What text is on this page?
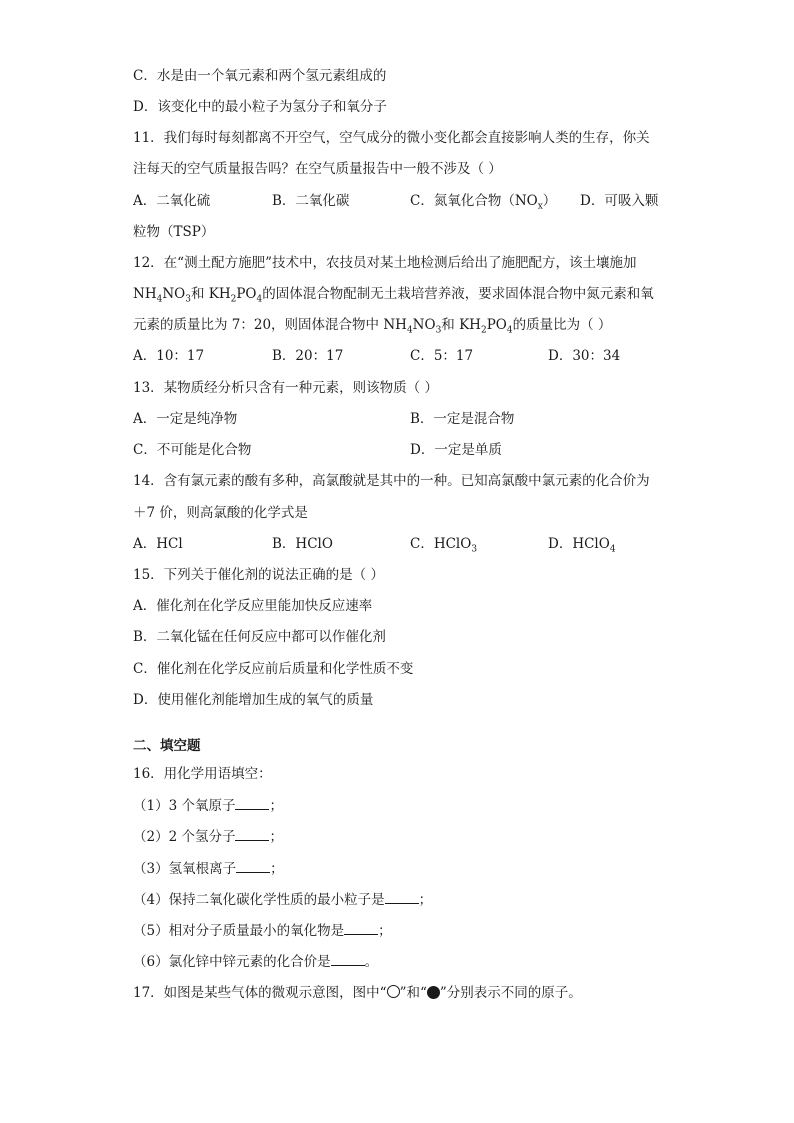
C．水是由一个氧元素和两个氢元素组成的
D．该变化中的最小粒子为氢分子和氧分子
11．我们每时每刻都离不开空气，空气成分的微小变化都会直接影响人类的生存，你关
注每天的空气质量报告吗？在空气质量报告中一般不涉及（ ）
A．二氧化硫	B．二氧化碳	C．氮氧化合物$(NO_x)$ D．可吸入颗
粒物（TSP）
12．在“测土配方施肥”技术中，农技员对某土地检测后给出了施肥配方，该土壤施加
$NH_4NO_3$和 $KH_2PO_4$的固体混合物配制无土栽培营养液，要求固体混合物中氮元素和氧
元素的质量比为 7：20，则固体混合物中 $NH_4NO_3$和 $KH_2PO_4$的质量比为（ ）
A．10：17	B．20：17	C．5：17	D．30：34
13．某物质经分析只含有一种元素，则该物质（ ）
A．一定是纯净物	B．一定是混合物
C．不可能是化合物	D．一定是单质
14．含有氯元素的酸有多种，高氯酸就是其中的一种。已知高氯酸中氯元素的化合价为
＋7 价，则高氯酸的化学式是
A．HCl	B．HClO	C．HClO$_3$	D．HClO$_4$
15．下列关于催化剂的说法正确的是（ ）
A．催化剂在化学反应里能加快反应速率
B．二氧化锰在任何反应中都可以作催化剂
C．催化剂在化学反应前后质量和化学性质不变
D．使用催化剂能增加生成的氧气的质量
二、填空题
16．用化学用语填空：
（1）3 个氧原子	；
（2）2 个氢分子	；
（3）氢氧根离子	；
（4）保持二氧化碳化学性质的最小粒子是	；
（5）相对分子质量最小的氧化物是	；
（6）氯化锌中锌元素的化合价是	。
17．如图是某些气体的微观示意图，图中“ ”和“ ”分别表示不同的原子。
